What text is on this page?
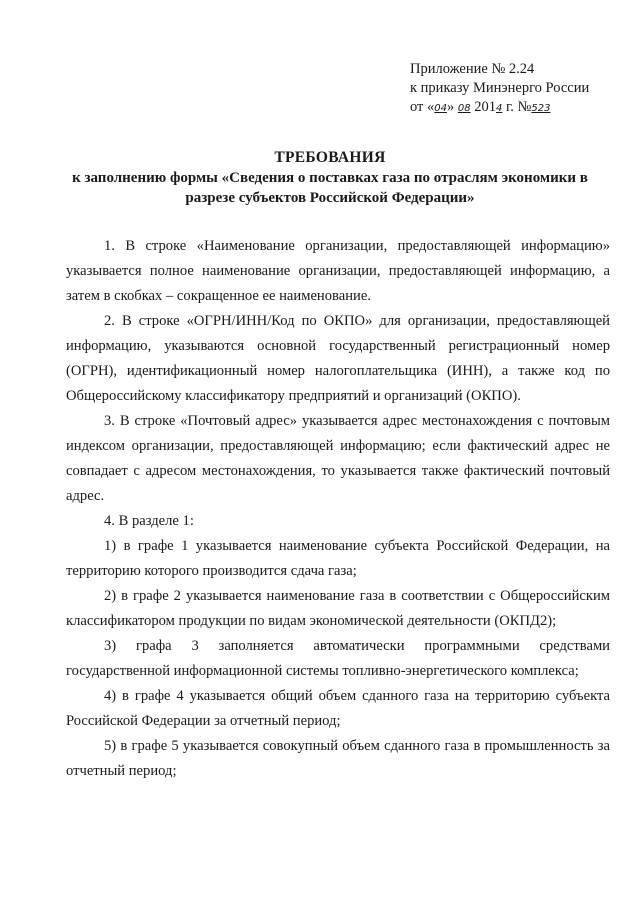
Приложение № 2.24
к приказу Минэнерго России
от «04» 08 2014 г. №523
ТРЕБОВАНИЯ
к заполнению формы «Сведения о поставках газа по отраслям экономики в
разрезе субъектов Российской Федерации»

1. В строке «Наименование организации, предоставляющей информацию» указывается полное наименование организации, предоставляющей информацию, а затем в скобках – сокращенное ее наименование.

2. В строке «ОГРН/ИНН/Код по ОКПО» для организации, предоставляющей информацию, указываются основной государственный регистрационный номер (ОГРН), идентификационный номер налогоплательщика (ИНН), а также код по Общероссийскому классификатору предприятий и организаций (ОКПО).

3. В строке «Почтовый адрес» указывается адрес местонахождения с почтовым индексом организации, предоставляющей информацию; если фактический адрес не совпадает с адресом местонахождения, то указывается также фактический почтовый адрес.

4. В разделе 1:

1) в графе 1 указывается наименование субъекта Российской Федерации, на территорию которого производится сдача газа;

2) в графе 2 указывается наименование газа в соответствии с Общероссийским классификатором продукции по видам экономической деятельности (ОКПД2);

3) графа 3 заполняется автоматически программными средствами государственной информационной системы топливно-энергетического комплекса;

4) в графе 4 указывается общий объем сданного газа на территорию субъекта Российской Федерации за отчетный период;

5) в графе 5 указывается совокупный объем сданного газа в промышленность за отчетный период;
